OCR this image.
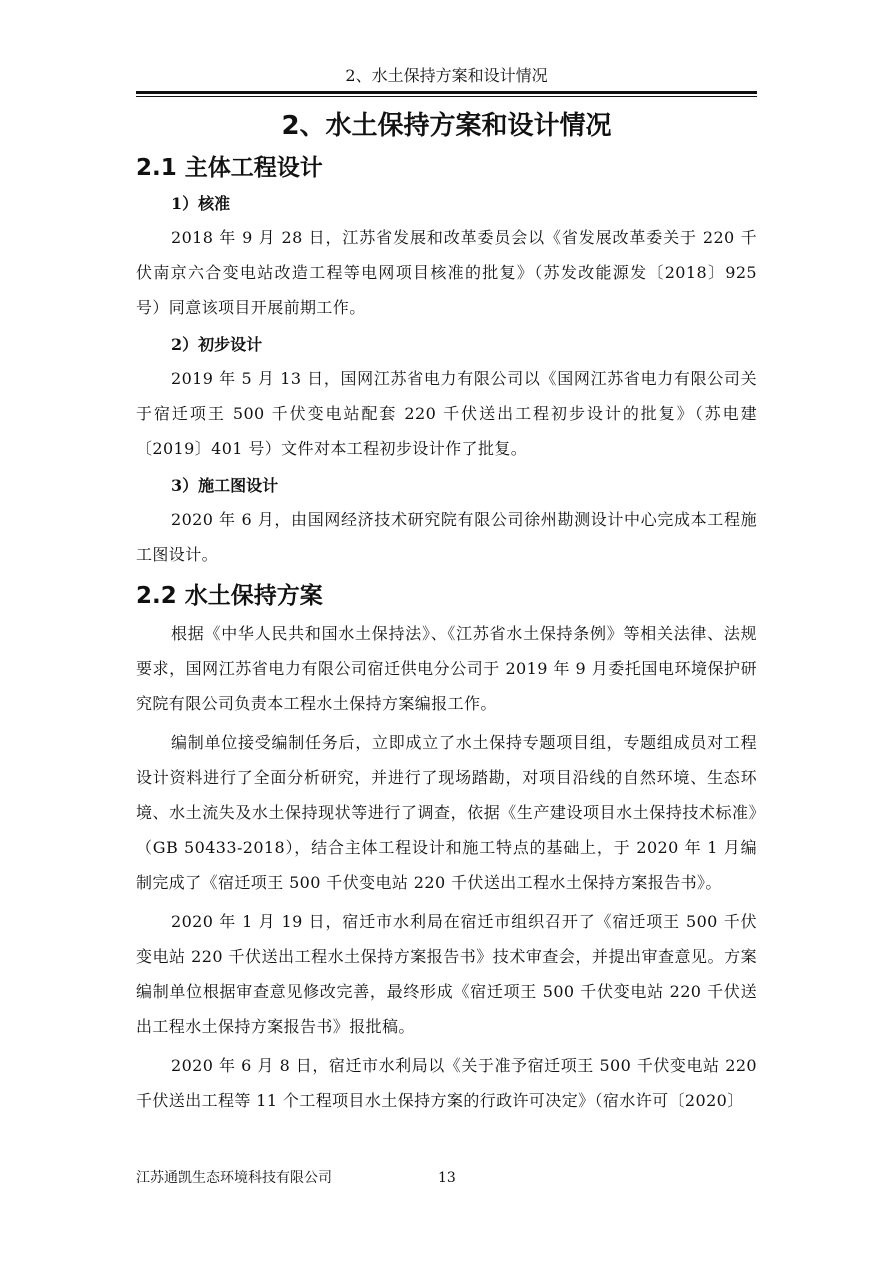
2、水土保持方案和设计情况
2、水土保持方案和设计情况
2.1 主体工程设计
1）核准

2018 年 9 月 28 日，江苏省发展和改革委员会以《省发展改革委关于 220 千伏南京六合变电站改造工程等电网项目核准的批复》（苏发改能源发〔2018〕925 号）同意该项目开展前期工作。

2）初步设计

2019 年 5 月 13 日，国网江苏省电力有限公司以《国网江苏省电力有限公司关于宿迁项王 500 千伏变电站配套 220 千伏送出工程初步设计的批复》（苏电建〔2019〕401 号）文件对本工程初步设计作了批复。

3）施工图设计

2020 年 6 月，由国网经济技术研究院有限公司徐州勘测设计中心完成本工程施工图设计。

2.2 水土保持方案

根据《中华人民共和国水土保持法》、《江苏省水土保持条例》等相关法律、法规要求，国网江苏省电力有限公司宿迁供电分公司于 2019 年 9 月委托国电环境保护研究院有限公司负责本工程水土保持方案编报工作。

编制单位接受编制任务后，立即成立了水土保持专题项目组，专题组成员对工程设计资料进行了全面分析研究，并进行了现场踏勘，对项目沿线的自然环境、生态环境、水土流失及水土保持现状等进行了调查，依据《生产建设项目水土保持技术标准》（GB 50433-2018），结合主体工程设计和施工特点的基础上，于 2020 年 1 月编制完成了《宿迁项王 500 千伏变电站 220 千伏送出工程水土保持方案报告书》。

2020 年 1 月 19 日，宿迁市水利局在宿迁市组织召开了《宿迁项王 500 千伏变电站 220 千伏送出工程水土保持方案报告书》技术审查会，并提出审查意见。方案编制单位根据审查意见修改完善，最终形成《宿迁项王 500 千伏变电站 220 千伏送出工程水土保持方案报告书》报批稿。

2020 年 6 月 8 日，宿迁市水利局以《关于准予宿迁项王 500 千伏变电站 220 千伏送出工程等 11 个工程项目水土保持方案的行政许可决定》（宿水许可〔2020〕

江苏通凯生态环境科技有限公司	13
